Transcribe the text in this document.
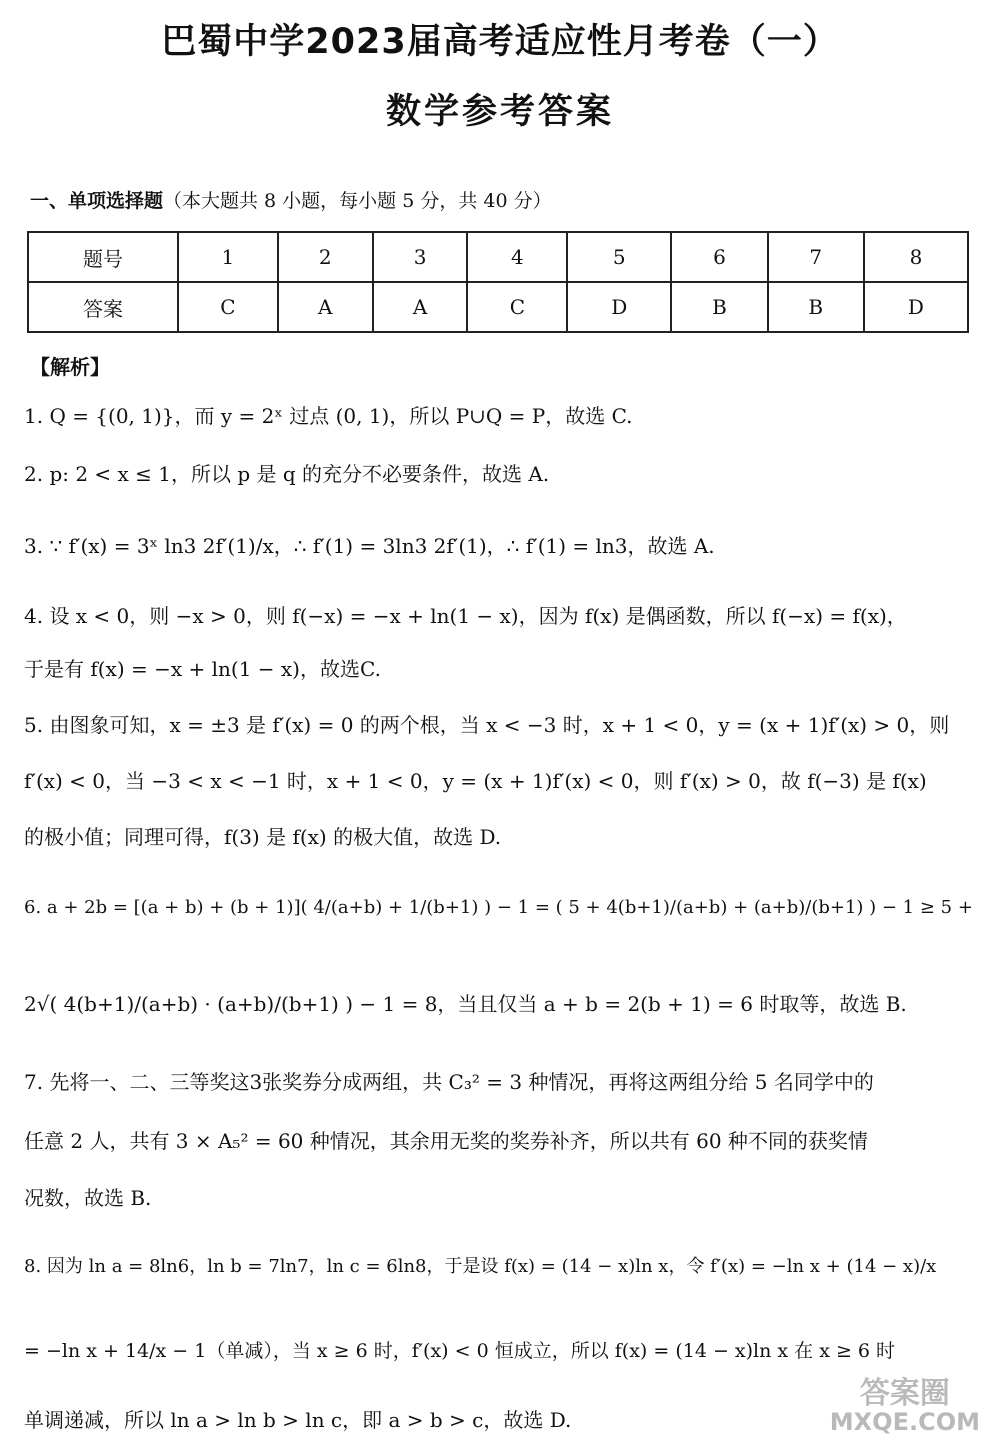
巴蜀中学2023届高考适应性月考卷（一）
数学参考答案
一、单项选择题（本大题共 8 小题，每小题 5 分，共 40 分）
题号	1	2	3	4	5	6	7	8
答案	C	A	A	C	D	B	B	D
【解析】
1. Q = {(0, 1)}，而 y = 2ˣ 过点 (0, 1)，所以 P∪Q = P，故选 C.
2. p: 2 < x ≤ 1，所以 p 是 q 的充分不必要条件，故选 A.
3. ∵ f′(x) = 3ˣ ln3 2f′(1)/x，∴ f′(1) = 3ln3 2f′(1)，∴ f′(1) = ln3，故选 A.
4. 设 x < 0，则 −x > 0，则 f(−x) = −x + ln(1 − x)，因为 f(x) 是偶函数，所以 f(−x) = f(x)，
于是有 f(x) = −x + ln(1 − x)，故选C.
5. 由图象可知，x = ±3 是 f′(x) = 0 的两个根，当 x < −3 时，x + 1 < 0，y = (x + 1)f′(x) > 0，则
f′(x) < 0，当 −3 < x < −1 时，x + 1 < 0，y = (x + 1)f′(x) < 0，则 f′(x) > 0，故 f(−3) 是 f(x)
的极小值；同理可得，f(3) 是 f(x) 的极大值，故选 D.
6. a + 2b = [(a + b) + (b + 1)]( 4/(a+b) + 1/(b+1) ) − 1 = ( 5 + 4(b+1)/(a+b) + (a+b)/(b+1) ) − 1 ≥ 5 +
2√( 4(b+1)/(a+b) · (a+b)/(b+1) ) − 1 = 8，当且仅当 a + b = 2(b + 1) = 6 时取等，故选 B.
7. 先将一、二、三等奖这3张奖券分成两组，共 C₃² = 3 种情况，再将这两组分给 5 名同学中的
任意 2 人，共有 3 × A₅² = 60 种情况，其余用无奖的奖券补齐，所以共有 60 种不同的获奖情
况数，故选 B.
8. 因为 ln a = 8ln6，ln b = 7ln7，ln c = 6ln8，于是设 f(x) = (14 − x)ln x，令 f′(x) = −ln x + (14 − x)/x
= −ln x + 14/x − 1（单减），当 x ≥ 6 时，f′(x) < 0 恒成立，所以 f(x) = (14 − x)ln x 在 x ≥ 6 时
单调递减，所以 ln a > ln b > ln c，即 a > b > c，故选 D.
答案圈
MXQE.COM
